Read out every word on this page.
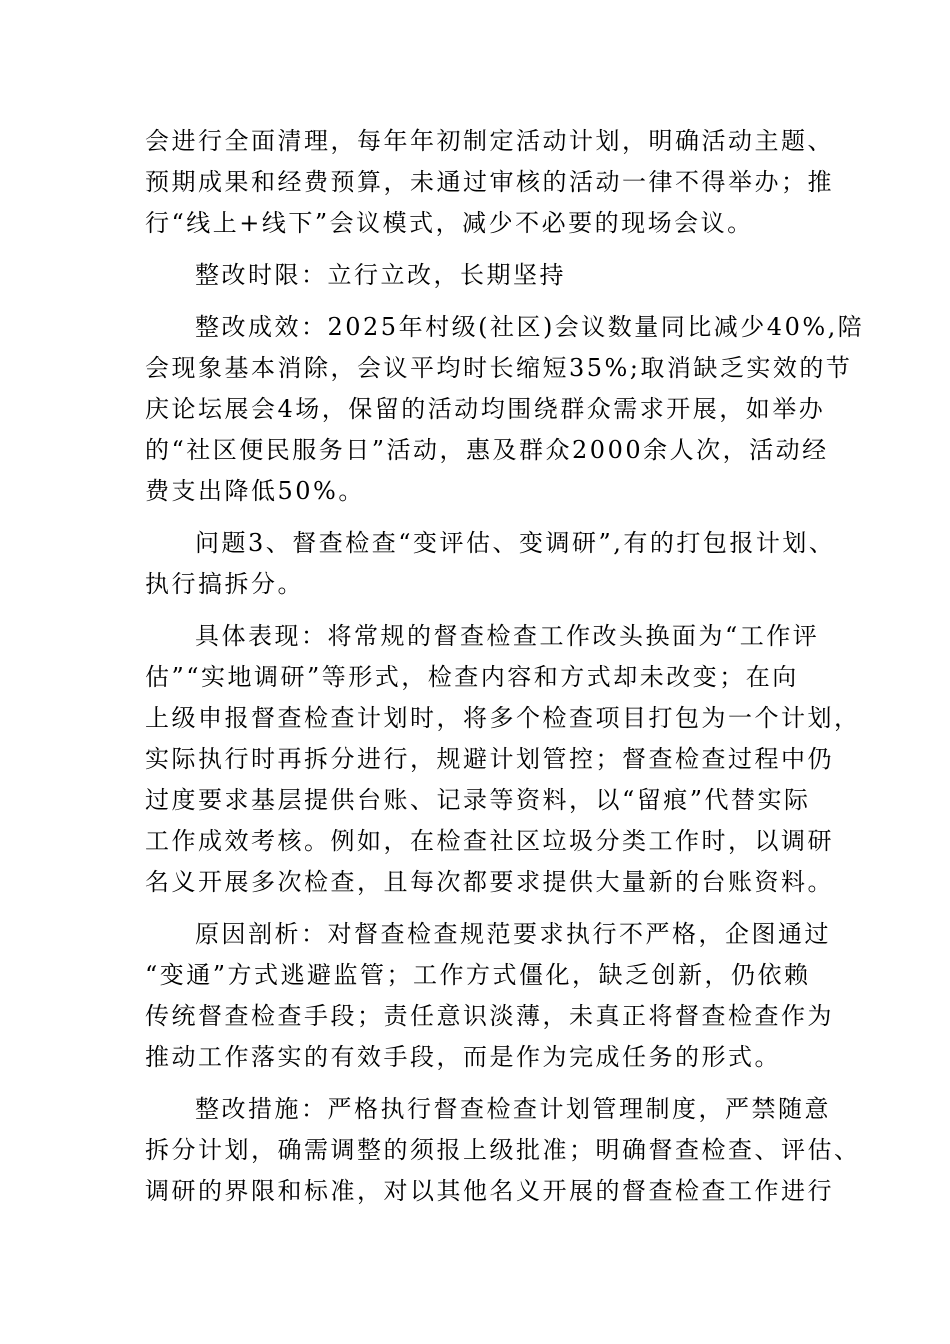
会进行全面清理，每年年初制定活动计划，明确活动主题、
预期成果和经费预算，未通过审核的活动一律不得举办；推
行“线上+线下”会议模式，减少不必要的现场会议。
整改时限：立行立改，长期坚持
整改成效：2025年村级(社区)会议数量同比减少40%,陪
会现象基本消除，会议平均时长缩短35%;取消缺乏实效的节
庆论坛展会4场，保留的活动均围绕群众需求开展，如举办
的“社区便民服务日”活动，惠及群众2000余人次，活动经
费支出降低50%。
问题3、督查检查“变评估、变调研”,有的打包报计划、
执行搞拆分。
具体表现：将常规的督查检查工作改头换面为“工作评
估”“实地调研”等形式，检查内容和方式却未改变；在向
上级申报督查检查计划时，将多个检查项目打包为一个计划，
实际执行时再拆分进行，规避计划管控；督查检查过程中仍
过度要求基层提供台账、记录等资料，以“留痕”代替实际
工作成效考核。例如，在检查社区垃圾分类工作时，以调研
名义开展多次检查，且每次都要求提供大量新的台账资料。
原因剖析：对督查检查规范要求执行不严格，企图通过
“变通”方式逃避监管；工作方式僵化，缺乏创新，仍依赖
传统督查检查手段；责任意识淡薄，未真正将督查检查作为
推动工作落实的有效手段，而是作为完成任务的形式。
整改措施：严格执行督查检查计划管理制度，严禁随意
拆分计划，确需调整的须报上级批准；明确督查检查、评估、
调研的界限和标准，对以其他名义开展的督查检查工作进行
